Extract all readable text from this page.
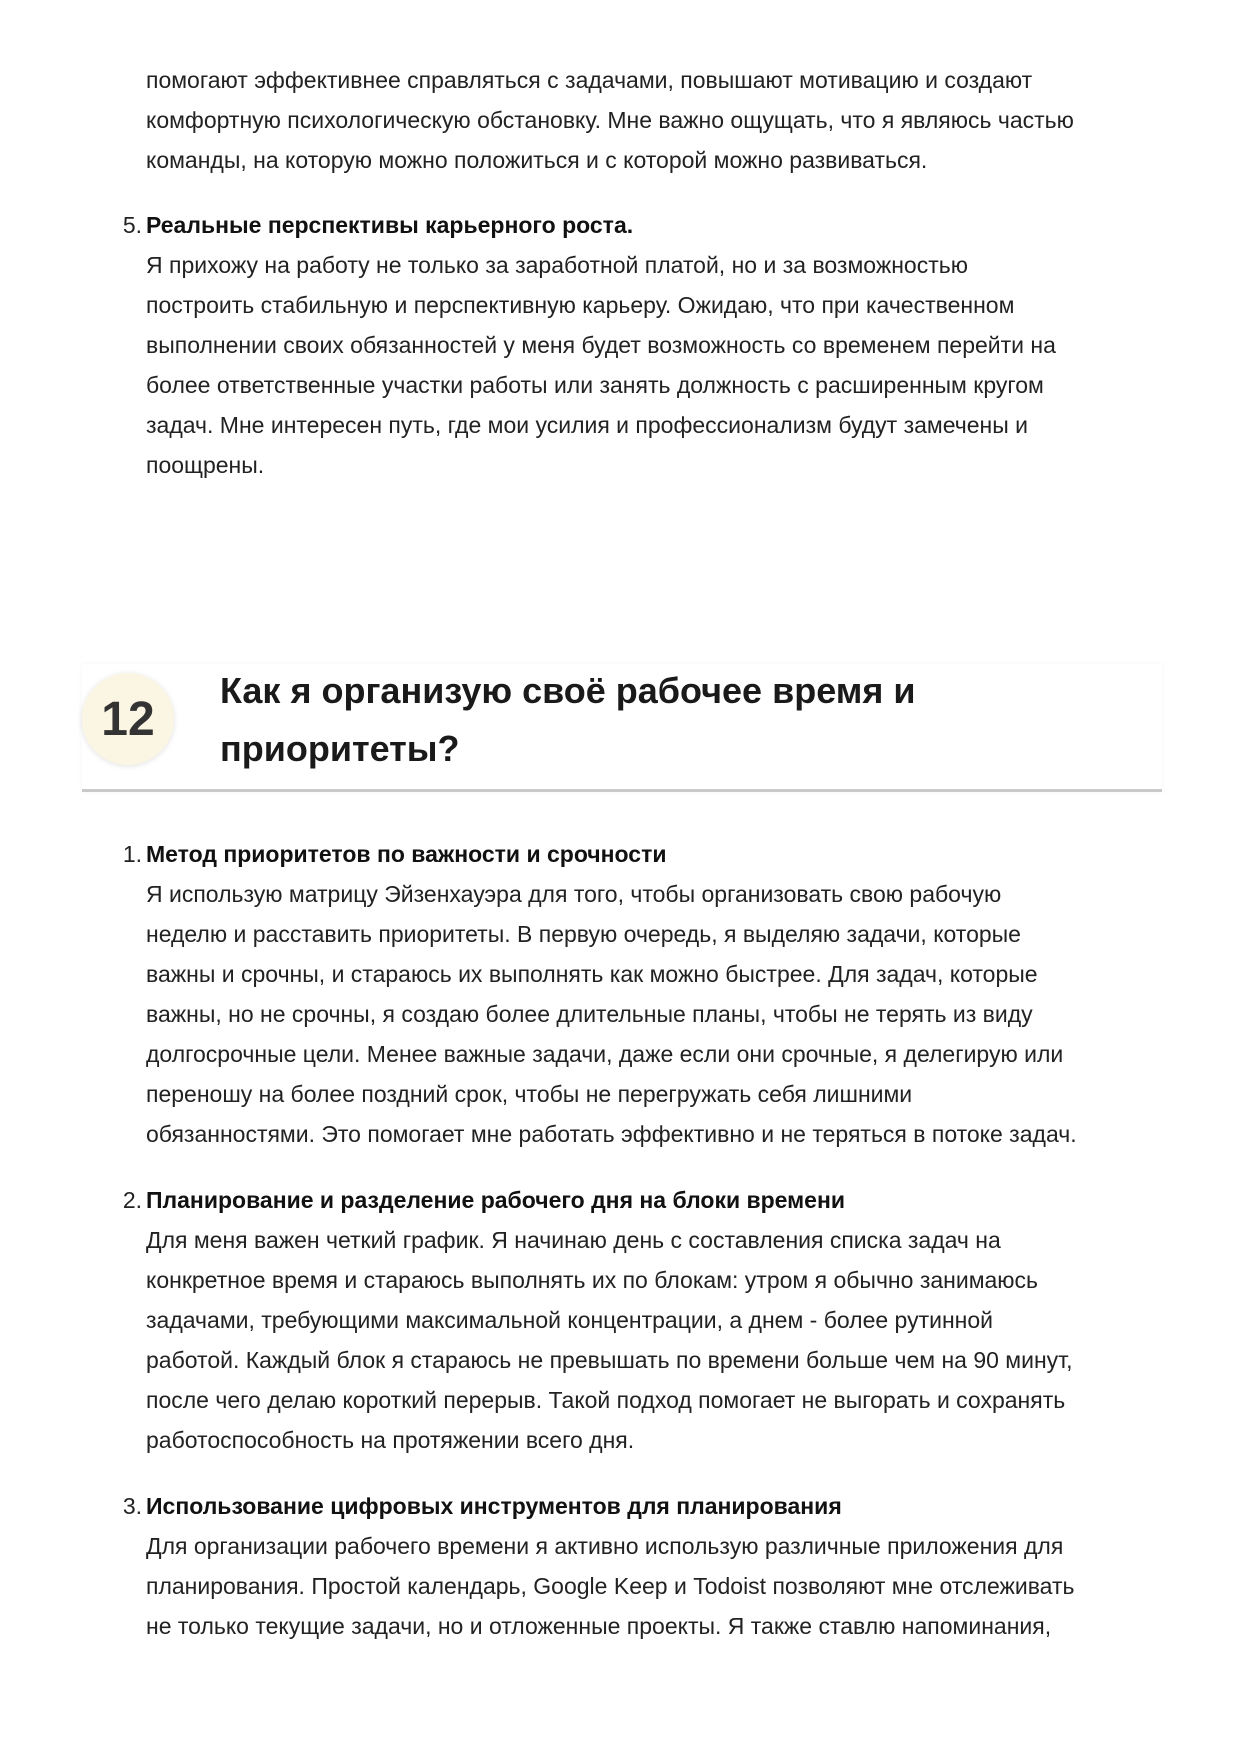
помогают эффективнее справляться с задачами, повышают мотивацию и создают
комфортную психологическую обстановку. Мне важно ощущать, что я являюсь частью
команды, на которую можно положиться и с которой можно развиваться.
5. Реальные перспективы карьерного роста.
Я прихожу на работу не только за заработной платой, но и за возможностью
построить стабильную и перспективную карьеру. Ожидаю, что при качественном
выполнении своих обязанностей у меня будет возможность со временем перейти на
более ответственные участки работы или занять должность с расширенным кругом
задач. Мне интересен путь, где мои усилия и профессионализм будут замечены и
поощрены.
12
Как я организую своё рабочее время и
приоритеты?
1. Метод приоритетов по важности и срочности
Я использую матрицу Эйзенхауэра для того, чтобы организовать свою рабочую
неделю и расставить приоритеты. В первую очередь, я выделяю задачи, которые
важны и срочны, и стараюсь их выполнять как можно быстрее. Для задач, которые
важны, но не срочны, я создаю более длительные планы, чтобы не терять из виду
долгосрочные цели. Менее важные задачи, даже если они срочные, я делегирую или
переношу на более поздний срок, чтобы не перегружать себя лишними
обязанностями. Это помогает мне работать эффективно и не теряться в потоке задач.
2. Планирование и разделение рабочего дня на блоки времени
Для меня важен четкий график. Я начинаю день с составления списка задач на
конкретное время и стараюсь выполнять их по блокам: утром я обычно занимаюсь
задачами, требующими максимальной концентрации, а днем - более рутинной
работой. Каждый блок я стараюсь не превышать по времени больше чем на 90 минут,
после чего делаю короткий перерыв. Такой подход помогает не выгорать и сохранять
работоспособность на протяжении всего дня.
3. Использование цифровых инструментов для планирования
Для организации рабочего времени я активно использую различные приложения для
планирования. Простой календарь, Google Keep и Todoist позволяют мне отслеживать
не только текущие задачи, но и отложенные проекты. Я также ставлю напоминания,
